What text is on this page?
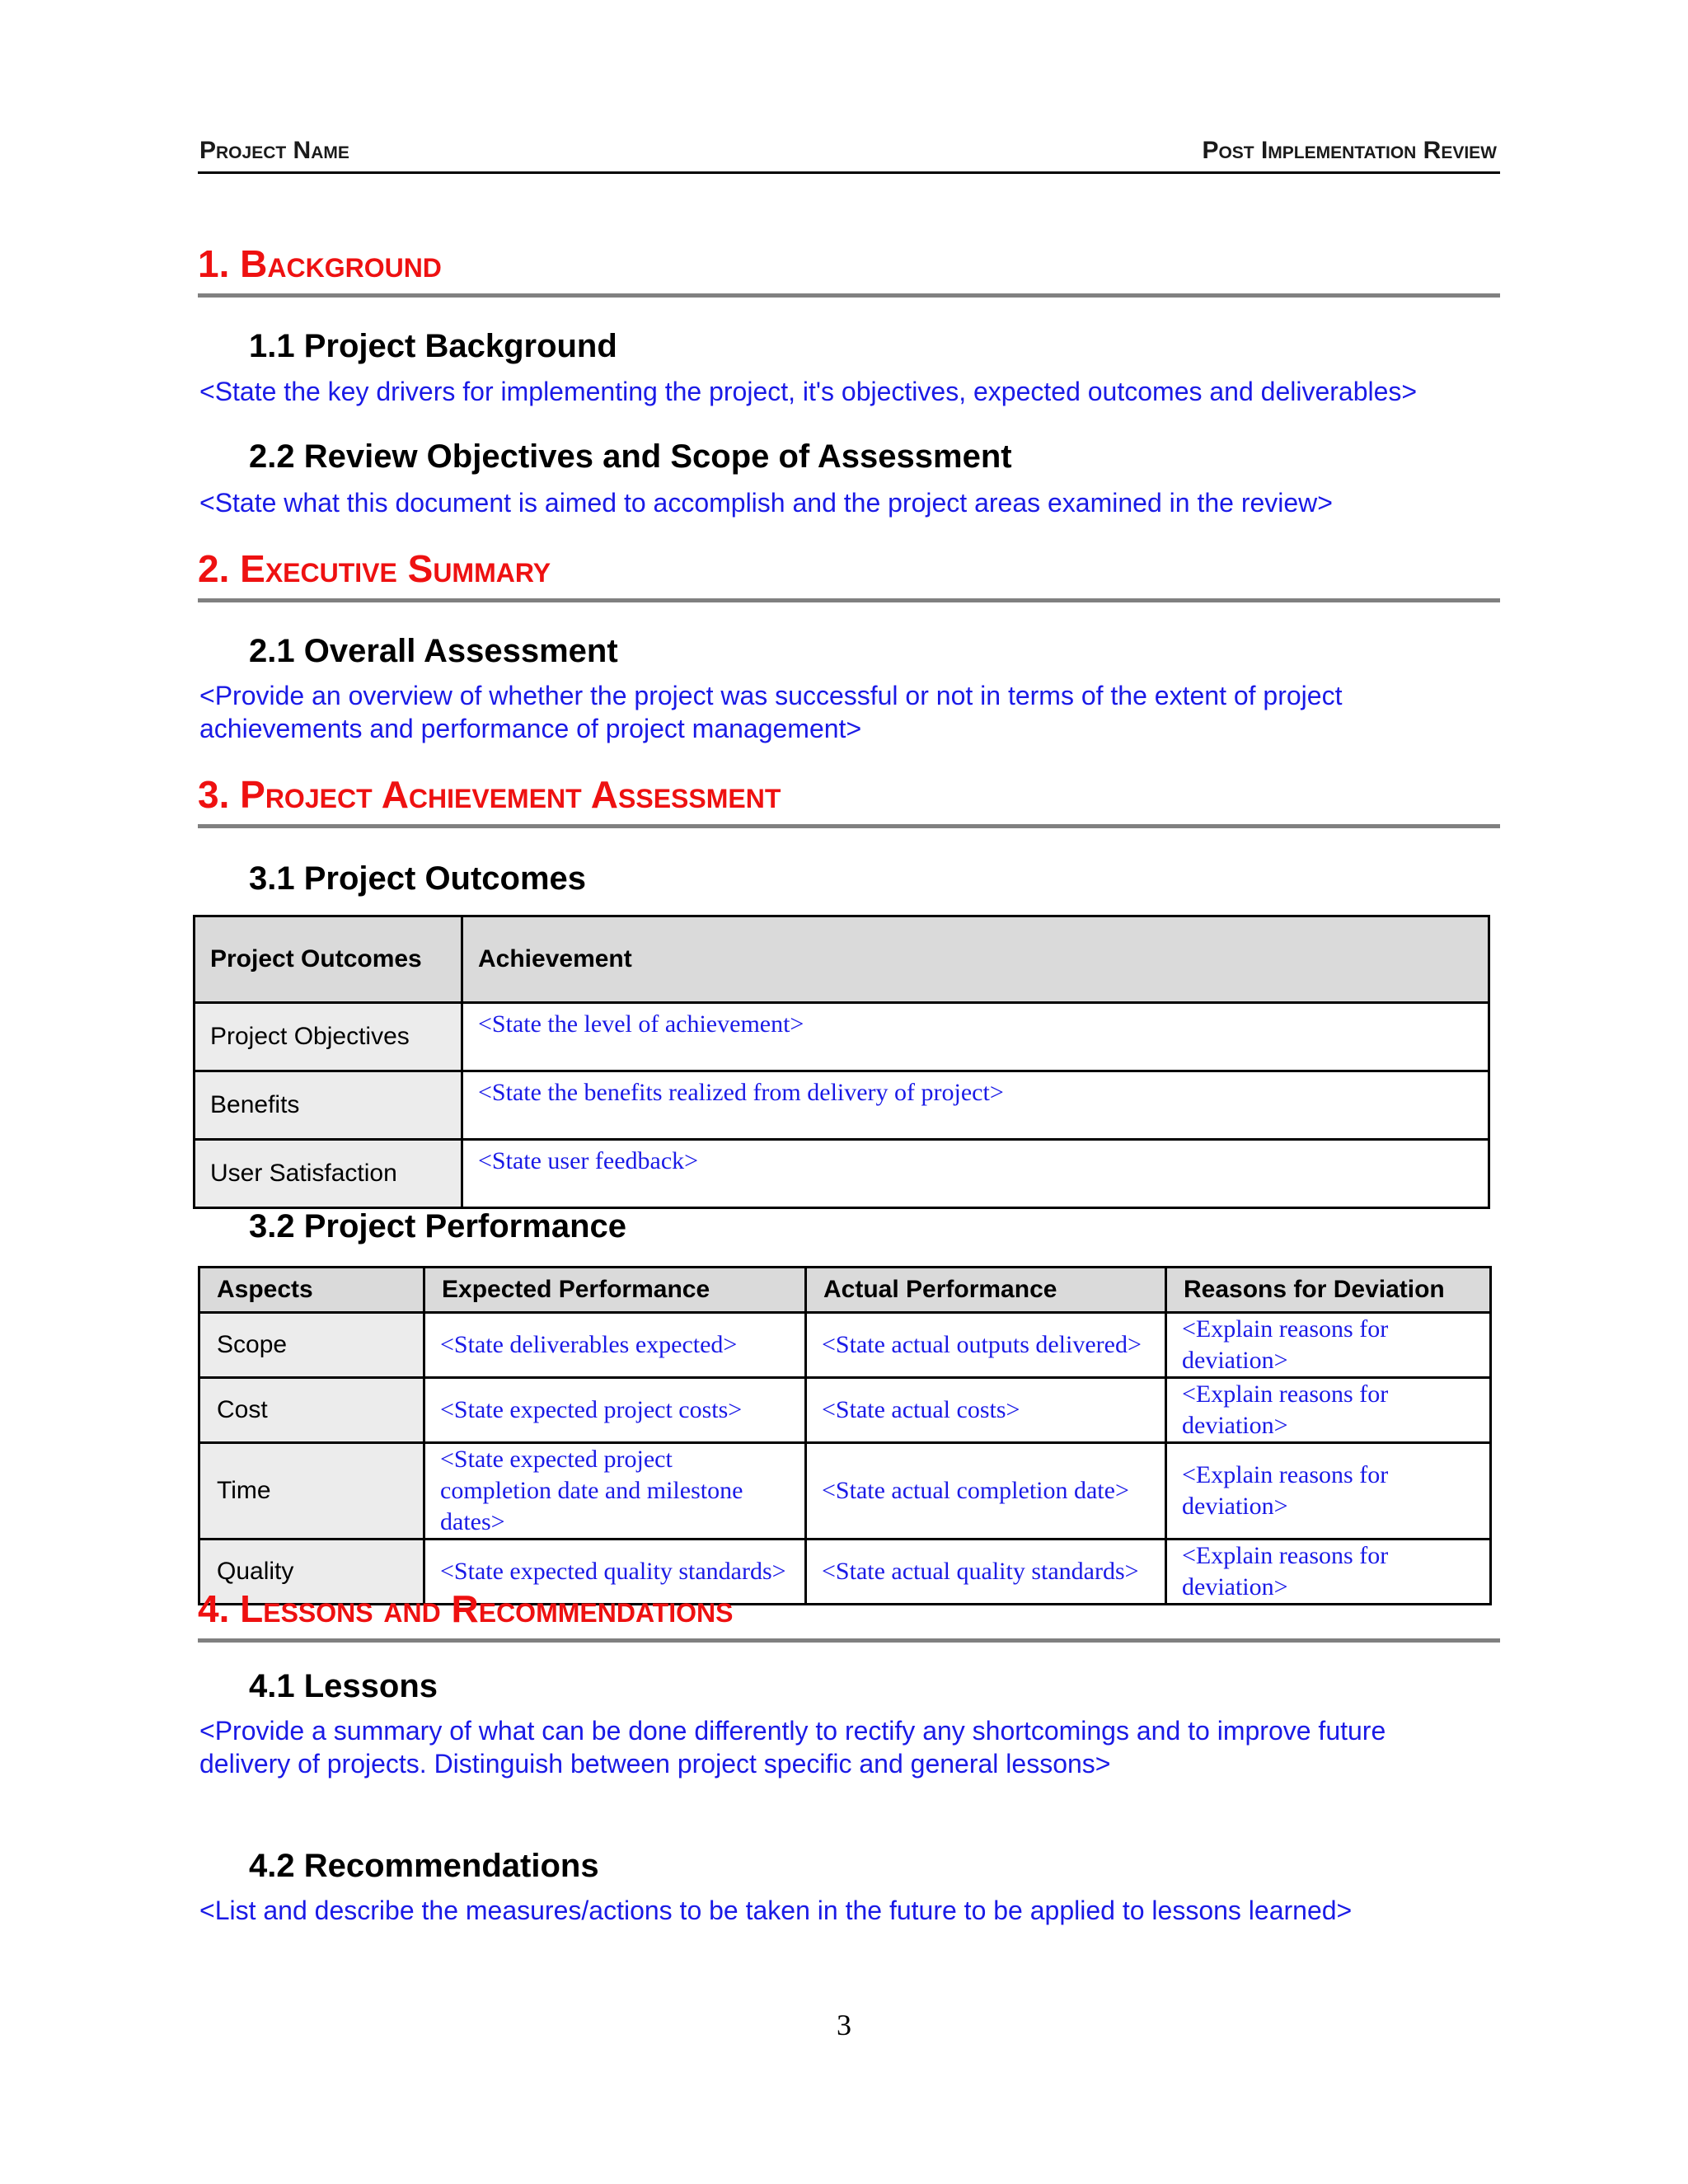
Project Name	Post Implementation Review
1. Background
1.1 Project Background
<State the key drivers for implementing the project, it's objectives, expected outcomes and deliverables>
2.2 Review Objectives and Scope of Assessment
<State what this document is aimed to accomplish and the project areas examined in the review>
2. Executive Summary
2.1 Overall Assessment
<Provide an overview of whether the project was successful or not in terms of the extent of project achievements and performance of project management>
3. Project Achievement Assessment
3.1 Project Outcomes
Project Outcomes	Achievement
Project Objectives	<State the level of achievement>
Benefits	<State the benefits realized from delivery of project>
User Satisfaction	<State user feedback>
3.2 Project Performance
Aspects	Expected Performance	Actual Performance	Reasons for Deviation
Scope	<State deliverables expected>	<State actual outputs delivered>	<Explain reasons for deviation>
Cost	<State expected project costs>	<State actual costs>	<Explain reasons for deviation>
Time	<State expected project completion date and milestone dates>	<State actual completion date>	<Explain reasons for deviation>
Quality	<State expected quality standards>	<State actual quality standards>	<Explain reasons for deviation>
4. Lessons and Recommendations
4.1 Lessons
<Provide a summary of what can be done differently to rectify any shortcomings and to improve future delivery of projects. Distinguish between project specific and general lessons>
4.2 Recommendations
<List and describe the measures/actions to be taken in the future to be applied to lessons learned>
3
